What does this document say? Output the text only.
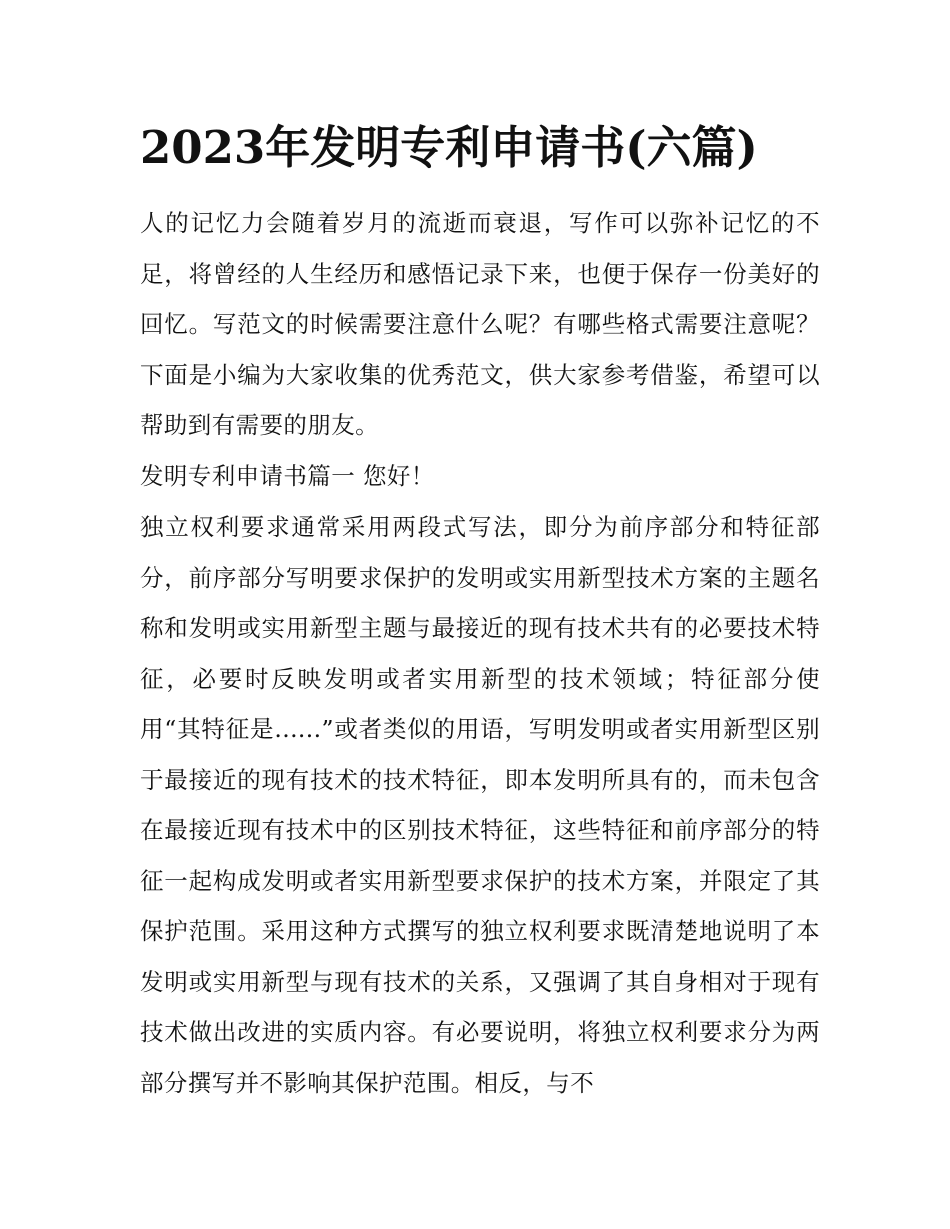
2023年发明专利申请书(六篇)

人的记忆力会随着岁月的流逝而衰退，写作可以弥补记忆的不足，将曾经的人生经历和感悟记录下来，也便于保存一份美好的回忆。写范文的时候需要注意什么呢？有哪些格式需要注意呢？下面是小编为大家收集的优秀范文，供大家参考借鉴，希望可以帮助到有需要的朋友。

发明专利申请书篇一 您好！

独立权利要求通常采用两段式写法，即分为前序部分和特征部分，前序部分写明要求保护的发明或实用新型技术方案的主题名称和发明或实用新型主题与最接近的现有技术共有的必要技术特征，必要时反映发明或者实用新型的技术领域；特征部分使用“其特征是......”或者类似的用语，写明发明或者实用新型区别于最接近的现有技术的技术特征，即本发明所具有的，而未包含在最接近现有技术中的区别技术特征，这些特征和前序部分的特征一起构成发明或者实用新型要求保护的技术方案，并限定了其保护范围。采用这种方式撰写的独立权利要求既清楚地说明了本发明或实用新型与现有技术的关系，又强调了其自身相对于现有技术做出改进的实质内容。有必要说明，将独立权利要求分为两部分撰写并不影响其保护范围。相反，与不
